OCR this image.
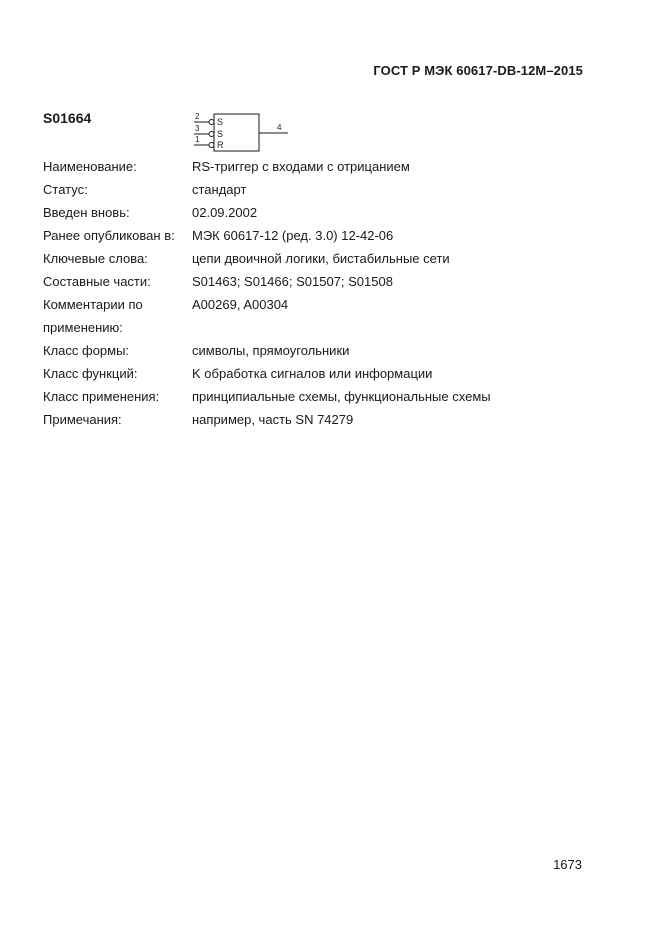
ГОСТ Р МЭК 60617-DB-12M–2015
S01664	2
S
3
S
1
R
4
Наименование:	RS-триггер с входами с отрицанием
Статус:	стандарт
Введен вновь:	02.09.2002
Ранее опубликован в:	МЭК 60617-12 (ред. 3.0) 12-42-06
Ключевые слова:	цепи двоичной логики, бистабильные сети
Составные части:	S01463; S01466; S01507; S01508
Комментарии по	A00269, A00304
применению:
Класс формы:	символы, прямоугольники
Класс функций:	K обработка сигналов или информации
Класс применения:	принципиальные схемы, функциональные схемы
Примечания:	например, часть SN 74279
1673
